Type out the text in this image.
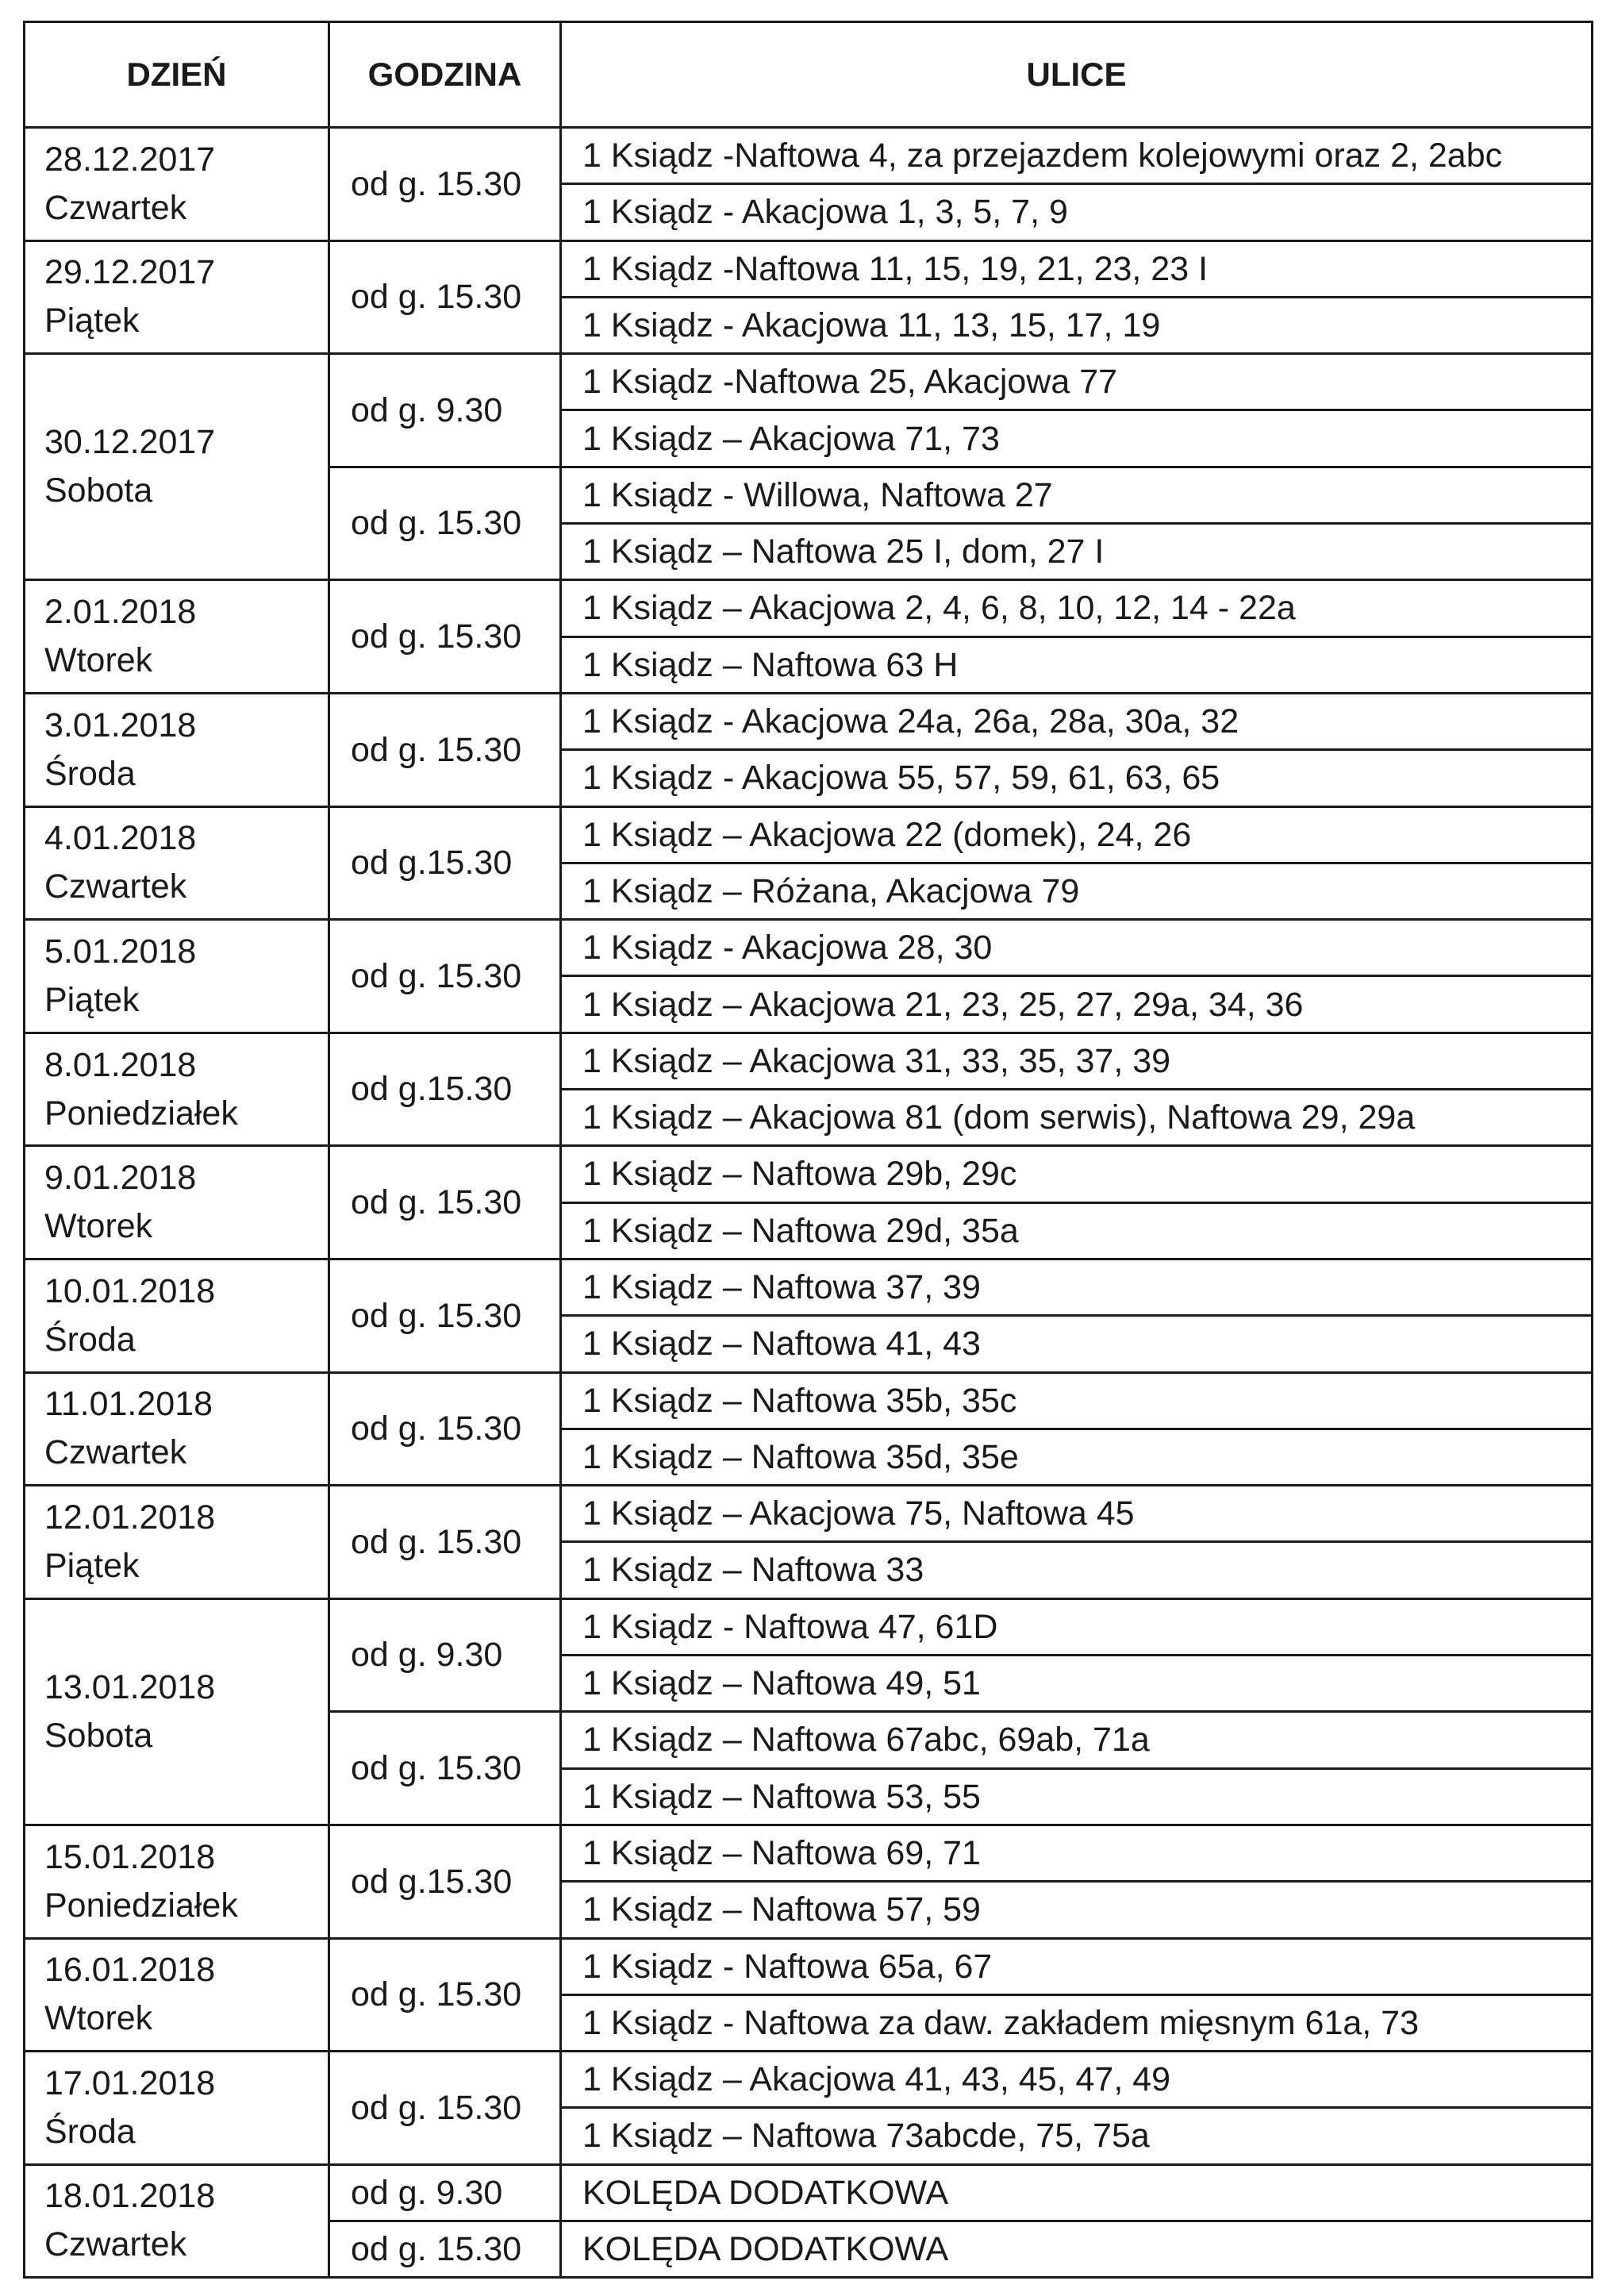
DZIEŃ	GODZINA	ULICE

28.12.2017
Czwartek	od g. 15.30	1 Ksiądz -Naftowa 4, za przejazdem kolejowymi oraz 2, 2abc
		1 Ksiądz - Akacjowa 1, 3, 5, 7, 9

29.12.2017
Piątek	od g. 15.30	1 Ksiądz -Naftowa 11, 15, 19, 21, 23, 23 I
		1 Ksiądz - Akacjowa 11, 13, 15, 17, 19

30.12.2017
Sobota	od g. 9.30	1 Ksiądz -Naftowa 25, Akacjowa 77
		1 Ksiądz – Akacjowa 71, 73
	od g. 15.30	1 Ksiądz - Willowa, Naftowa 27
		1 Ksiądz – Naftowa 25 I, dom, 27 I

2.01.2018
Wtorek	od g. 15.30	1 Ksiądz – Akacjowa 2, 4, 6, 8, 10, 12, 14 - 22a
		1 Ksiądz – Naftowa 63 H

3.01.2018
Środa	od g. 15.30	1 Ksiądz - Akacjowa 24a, 26a, 28a, 30a, 32
		1 Ksiądz - Akacjowa 55, 57, 59, 61, 63, 65

4.01.2018
Czwartek	od g.15.30	1 Ksiądz – Akacjowa 22 (domek), 24, 26
		1 Ksiądz – Różana, Akacjowa 79

5.01.2018
Piątek	od g. 15.30	1 Ksiądz - Akacjowa 28, 30
		1 Ksiądz – Akacjowa 21, 23, 25, 27, 29a, 34, 36

8.01.2018
Poniedziałek	od g.15.30	1 Ksiądz – Akacjowa 31, 33, 35, 37, 39
		1 Ksiądz – Akacjowa 81 (dom serwis), Naftowa 29, 29a

9.01.2018
Wtorek	od g. 15.30	1 Ksiądz – Naftowa 29b, 29c
		1 Ksiądz – Naftowa 29d, 35a

10.01.2018
Środa	od g. 15.30	1 Ksiądz – Naftowa 37, 39
		1 Ksiądz – Naftowa 41, 43

11.01.2018
Czwartek	od g. 15.30	1 Ksiądz – Naftowa 35b, 35c
		1 Ksiądz – Naftowa 35d, 35e

12.01.2018
Piątek	od g. 15.30	1 Ksiądz – Akacjowa 75, Naftowa 45
		1 Ksiądz – Naftowa 33

13.01.2018
Sobota	od g. 9.30	1 Ksiądz - Naftowa 47, 61D
		1 Ksiądz – Naftowa 49, 51
	od g. 15.30	1 Ksiądz – Naftowa 67abc, 69ab, 71a
		1 Ksiądz – Naftowa 53, 55

15.01.2018
Poniedziałek	od g.15.30	1 Ksiądz – Naftowa 69, 71
		1 Ksiądz – Naftowa 57, 59

16.01.2018
Wtorek	od g. 15.30	1 Ksiądz - Naftowa 65a, 67
		1 Ksiądz - Naftowa za daw. zakładem mięsnym 61a, 73

17.01.2018
Środa	od g. 15.30	1 Ksiądz – Akacjowa 41, 43, 45, 47, 49
		1 Ksiądz – Naftowa 73abcde, 75, 75a

18.01.2018
Czwartek	od g. 9.30	KOLĘDA DODATKOWA
	od g. 15.30	KOLĘDA DODATKOWA
